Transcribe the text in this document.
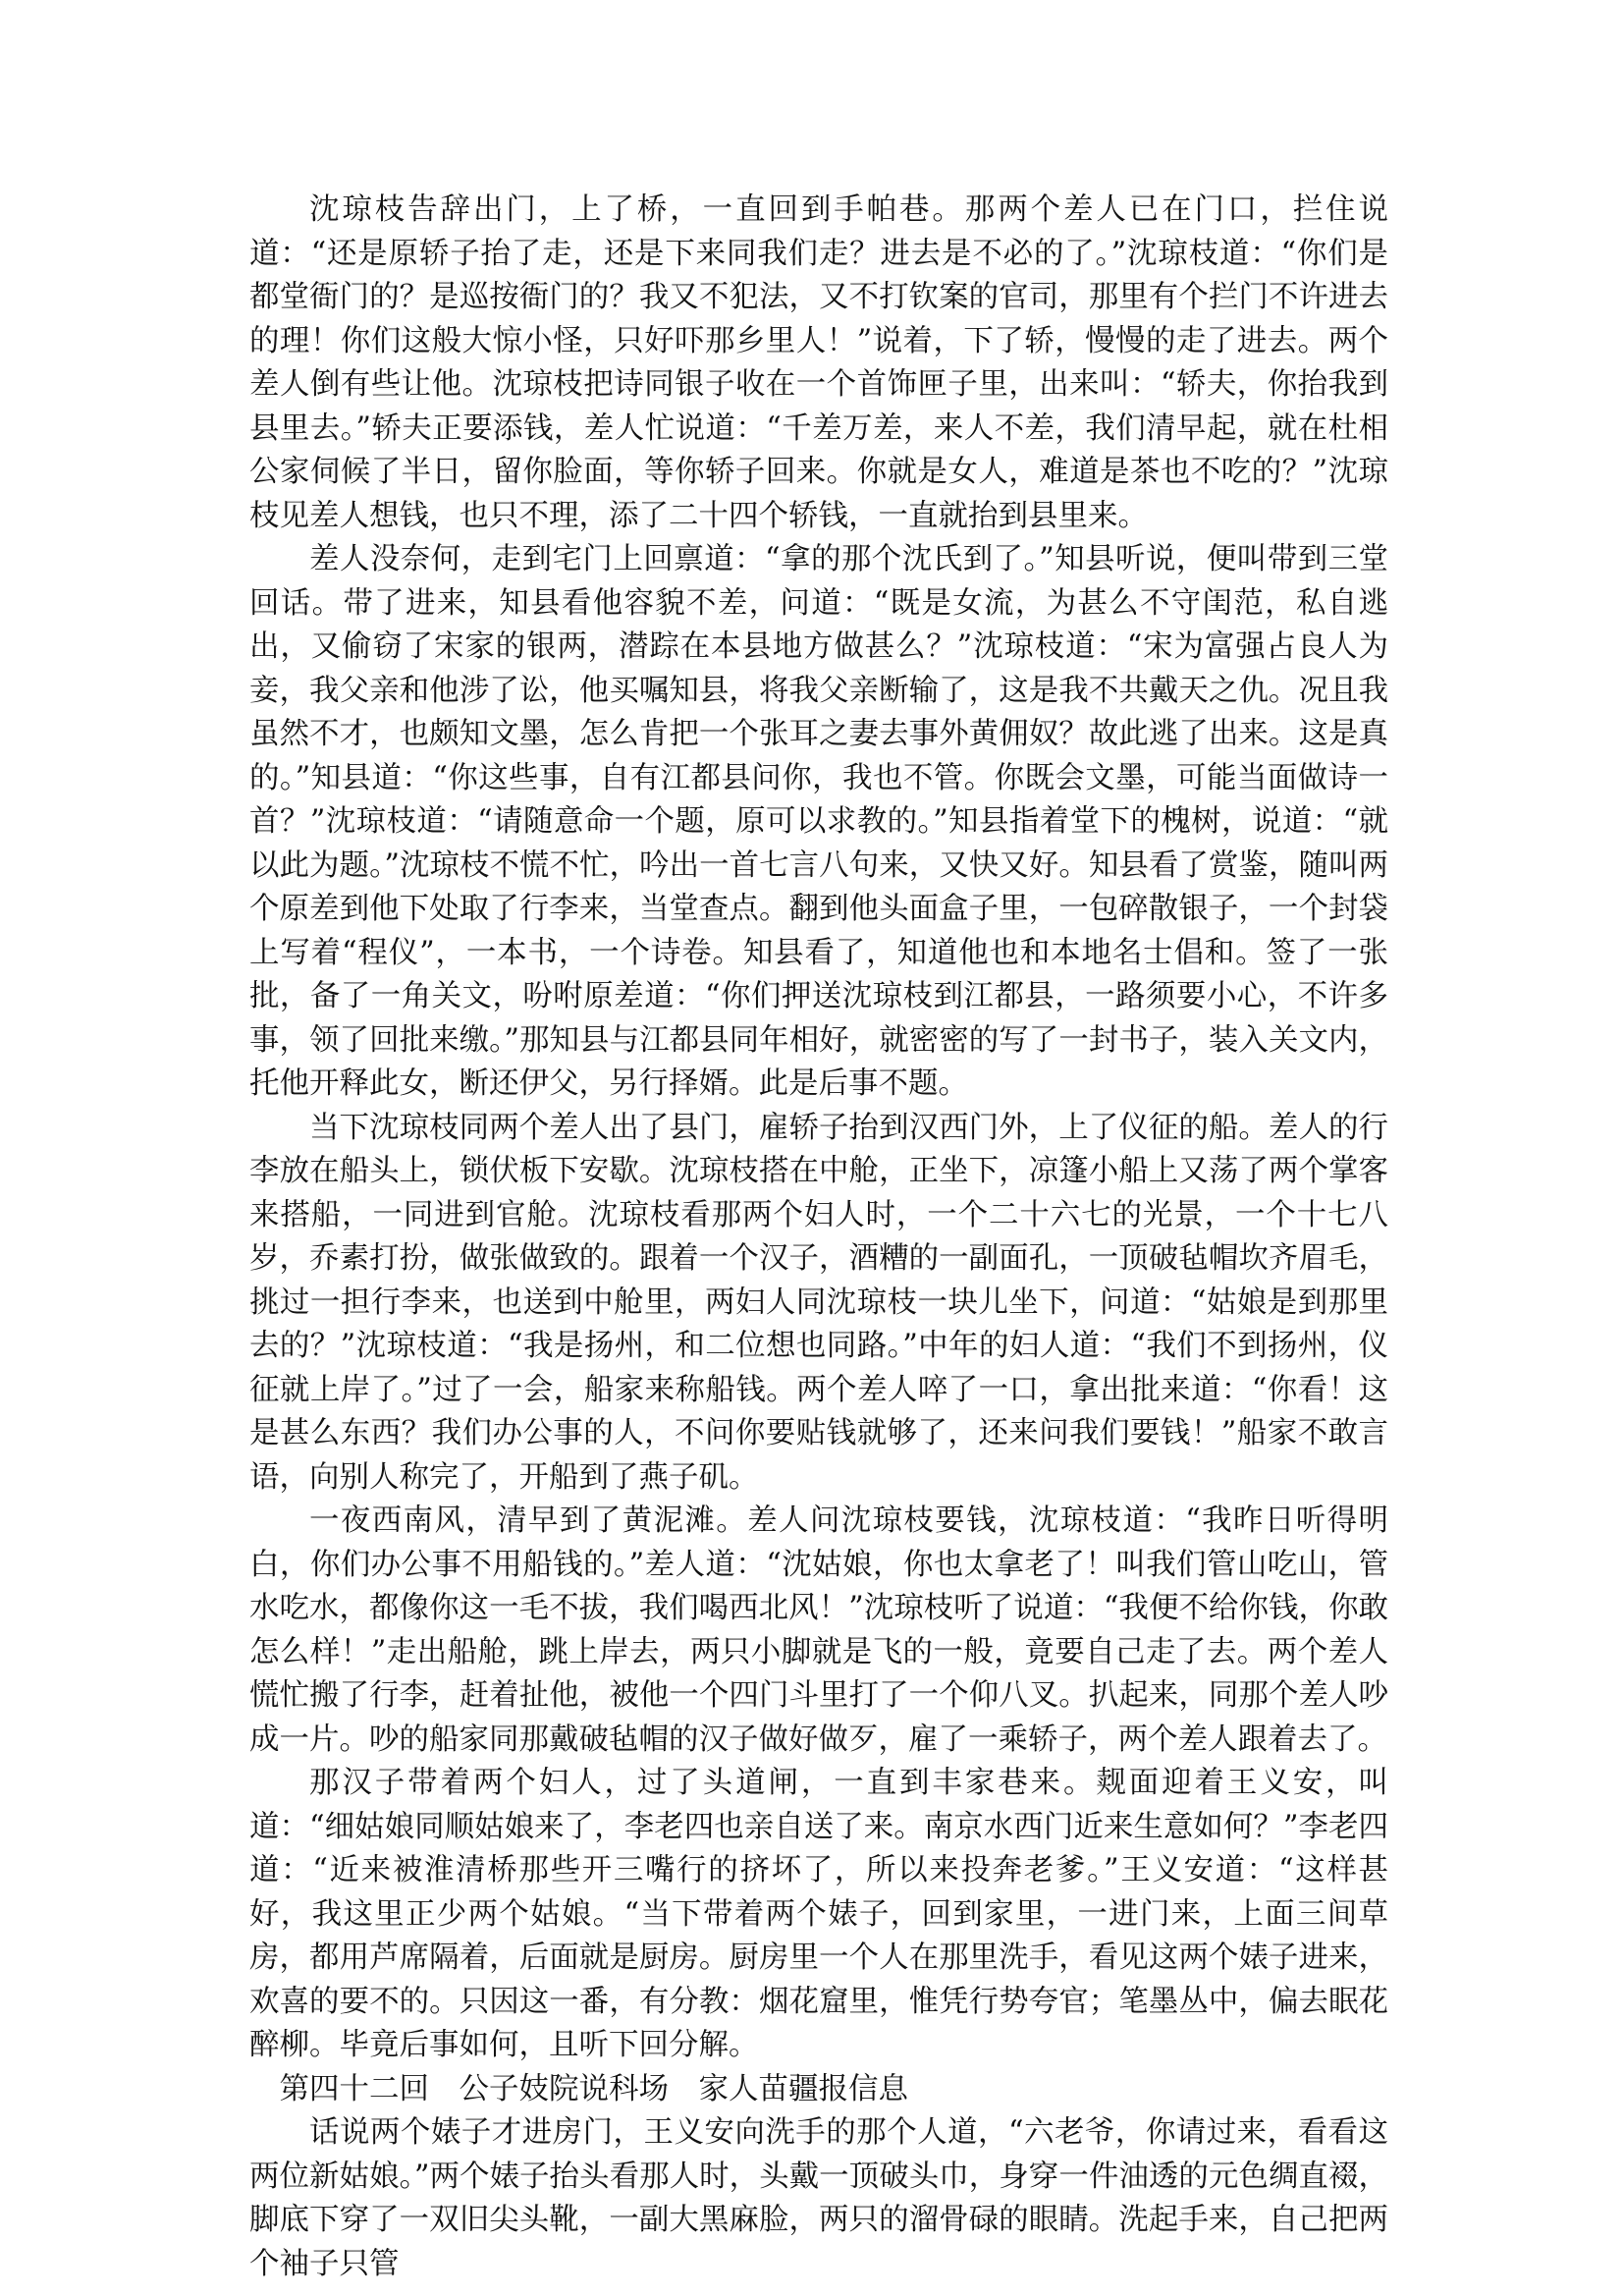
沈琼枝告辞出门，上了桥，一直回到手帕巷。那两个差人已在门口，拦住说道：“还是原轿子抬了走，还是下来同我们走？进去是不必的了。”沈琼枝道：“你们是都堂衙门的？是巡按衙门的？我又不犯法，又不打钦案的官司，那里有个拦门不许进去的理！你们这般大惊小怪，只好吓那乡里人！”说着，下了轿，慢慢的走了进去。两个差人倒有些让他。沈琼枝把诗同银子收在一个首饰匣子里，出来叫：“轿夫，你抬我到县里去。”轿夫正要添钱，差人忙说道：“千差万差，来人不差，我们清早起，就在杜相公家伺候了半日，留你脸面，等你轿子回来。你就是女人，难道是茶也不吃的？”沈琼枝见差人想钱，也只不理，添了二十四个轿钱，一直就抬到县里来。

差人没奈何，走到宅门上回禀道：“拿的那个沈氏到了。”知县听说，便叫带到三堂回话。带了进来，知县看他容貌不差，问道：“既是女流，为甚么不守闺范，私自逃出，又偷窃了宋家的银两，潜踪在本县地方做甚么？”沈琼枝道：“宋为富强占良人为妾，我父亲和他涉了讼，他买嘱知县，将我父亲断输了，这是我不共戴天之仇。况且我虽然不才，也颇知文墨，怎么肯把一个张耳之妻去事外黄佣奴？故此逃了出来。这是真的。”知县道：“你这些事，自有江都县问你，我也不管。你既会文墨，可能当面做诗一首？”沈琼枝道：“请随意命一个题，原可以求教的。”知县指着堂下的槐树，说道：“就以此为题。”沈琼枝不慌不忙，吟出一首七言八句来，又快又好。知县看了赏鉴，随叫两个原差到他下处取了行李来，当堂查点。翻到他头面盒子里，一包碎散银子，一个封袋上写着“程仪”，一本书，一个诗卷。知县看了，知道他也和本地名士倡和。签了一张批，备了一角关文，吩咐原差道：“你们押送沈琼枝到江都县，一路须要小心，不许多事，领了回批来缴。”那知县与江都县同年相好，就密密的写了一封书子，装入关文内，托他开释此女，断还伊父，另行择婿。此是后事不题。

当下沈琼枝同两个差人出了县门，雇轿子抬到汉西门外，上了仪征的船。差人的行李放在船头上，锁伏板下安歇。沈琼枝搭在中舱，正坐下，凉篷小船上又荡了两个掌客来搭船，一同进到官舱。沈琼枝看那两个妇人时，一个二十六七的光景，一个十七八岁，乔素打扮，做张做致的。跟着一个汉子，酒糟的一副面孔，一顶破毡帽坎齐眉毛，挑过一担行李来，也送到中舱里，两妇人同沈琼枝一块儿坐下，问道：“姑娘是到那里去的？”沈琼枝道：“我是扬州，和二位想也同路。”中年的妇人道：“我们不到扬州，仪征就上岸了。”过了一会，船家来称船钱。两个差人啐了一口，拿出批来道：“你看！这是甚么东西？我们办公事的人，不问你要贴钱就够了，还来问我们要钱！”船家不敢言语，向别人称完了，开船到了燕子矶。

一夜西南风，清早到了黄泥滩。差人问沈琼枝要钱，沈琼枝道：“我昨日听得明白，你们办公事不用船钱的。”差人道：“沈姑娘，你也太拿老了！叫我们管山吃山，管水吃水，都像你这一毛不拔，我们喝西北风！”沈琼枝听了说道：“我便不给你钱，你敢怎么样！”走出船舱，跳上岸去，两只小脚就是飞的一般，竟要自己走了去。两个差人慌忙搬了行李，赶着扯他，被他一个四门斗里打了一个仰八叉。扒起来，同那个差人吵成一片。吵的船家同那戴破毡帽的汉子做好做歹，雇了一乘轿子，两个差人跟着去了。

那汉子带着两个妇人，过了头道闸，一直到丰家巷来。觌面迎着王义安，叫道：“细姑娘同顺姑娘来了，李老四也亲自送了来。南京水西门近来生意如何？”李老四道：“近来被淮清桥那些开三嘴行的挤坏了，所以来投奔老爹。”王义安道：“这样甚好，我这里正少两个姑娘。“当下带着两个婊子，回到家里，一进门来，上面三间草房，都用芦席隔着，后面就是厨房。厨房里一个人在那里洗手，看见这两个婊子进来，欢喜的要不的。只因这一番，有分教：烟花窟里，惟凭行势夸官；笔墨丛中，偏去眠花醉柳。毕竟后事如何，且听下回分解。

第四十二回　公子妓院说科场　家人苗疆报信息

话说两个婊子才进房门，王义安向洗手的那个人道，“六老爷，你请过来，看看这两位新姑娘。”两个婊子抬头看那人时，头戴一顶破头巾，身穿一件油透的元色绸直裰，脚底下穿了一双旧尖头靴，一副大黑麻脸，两只的溜骨碌的眼睛。洗起手来，自己把两个袖子只管
